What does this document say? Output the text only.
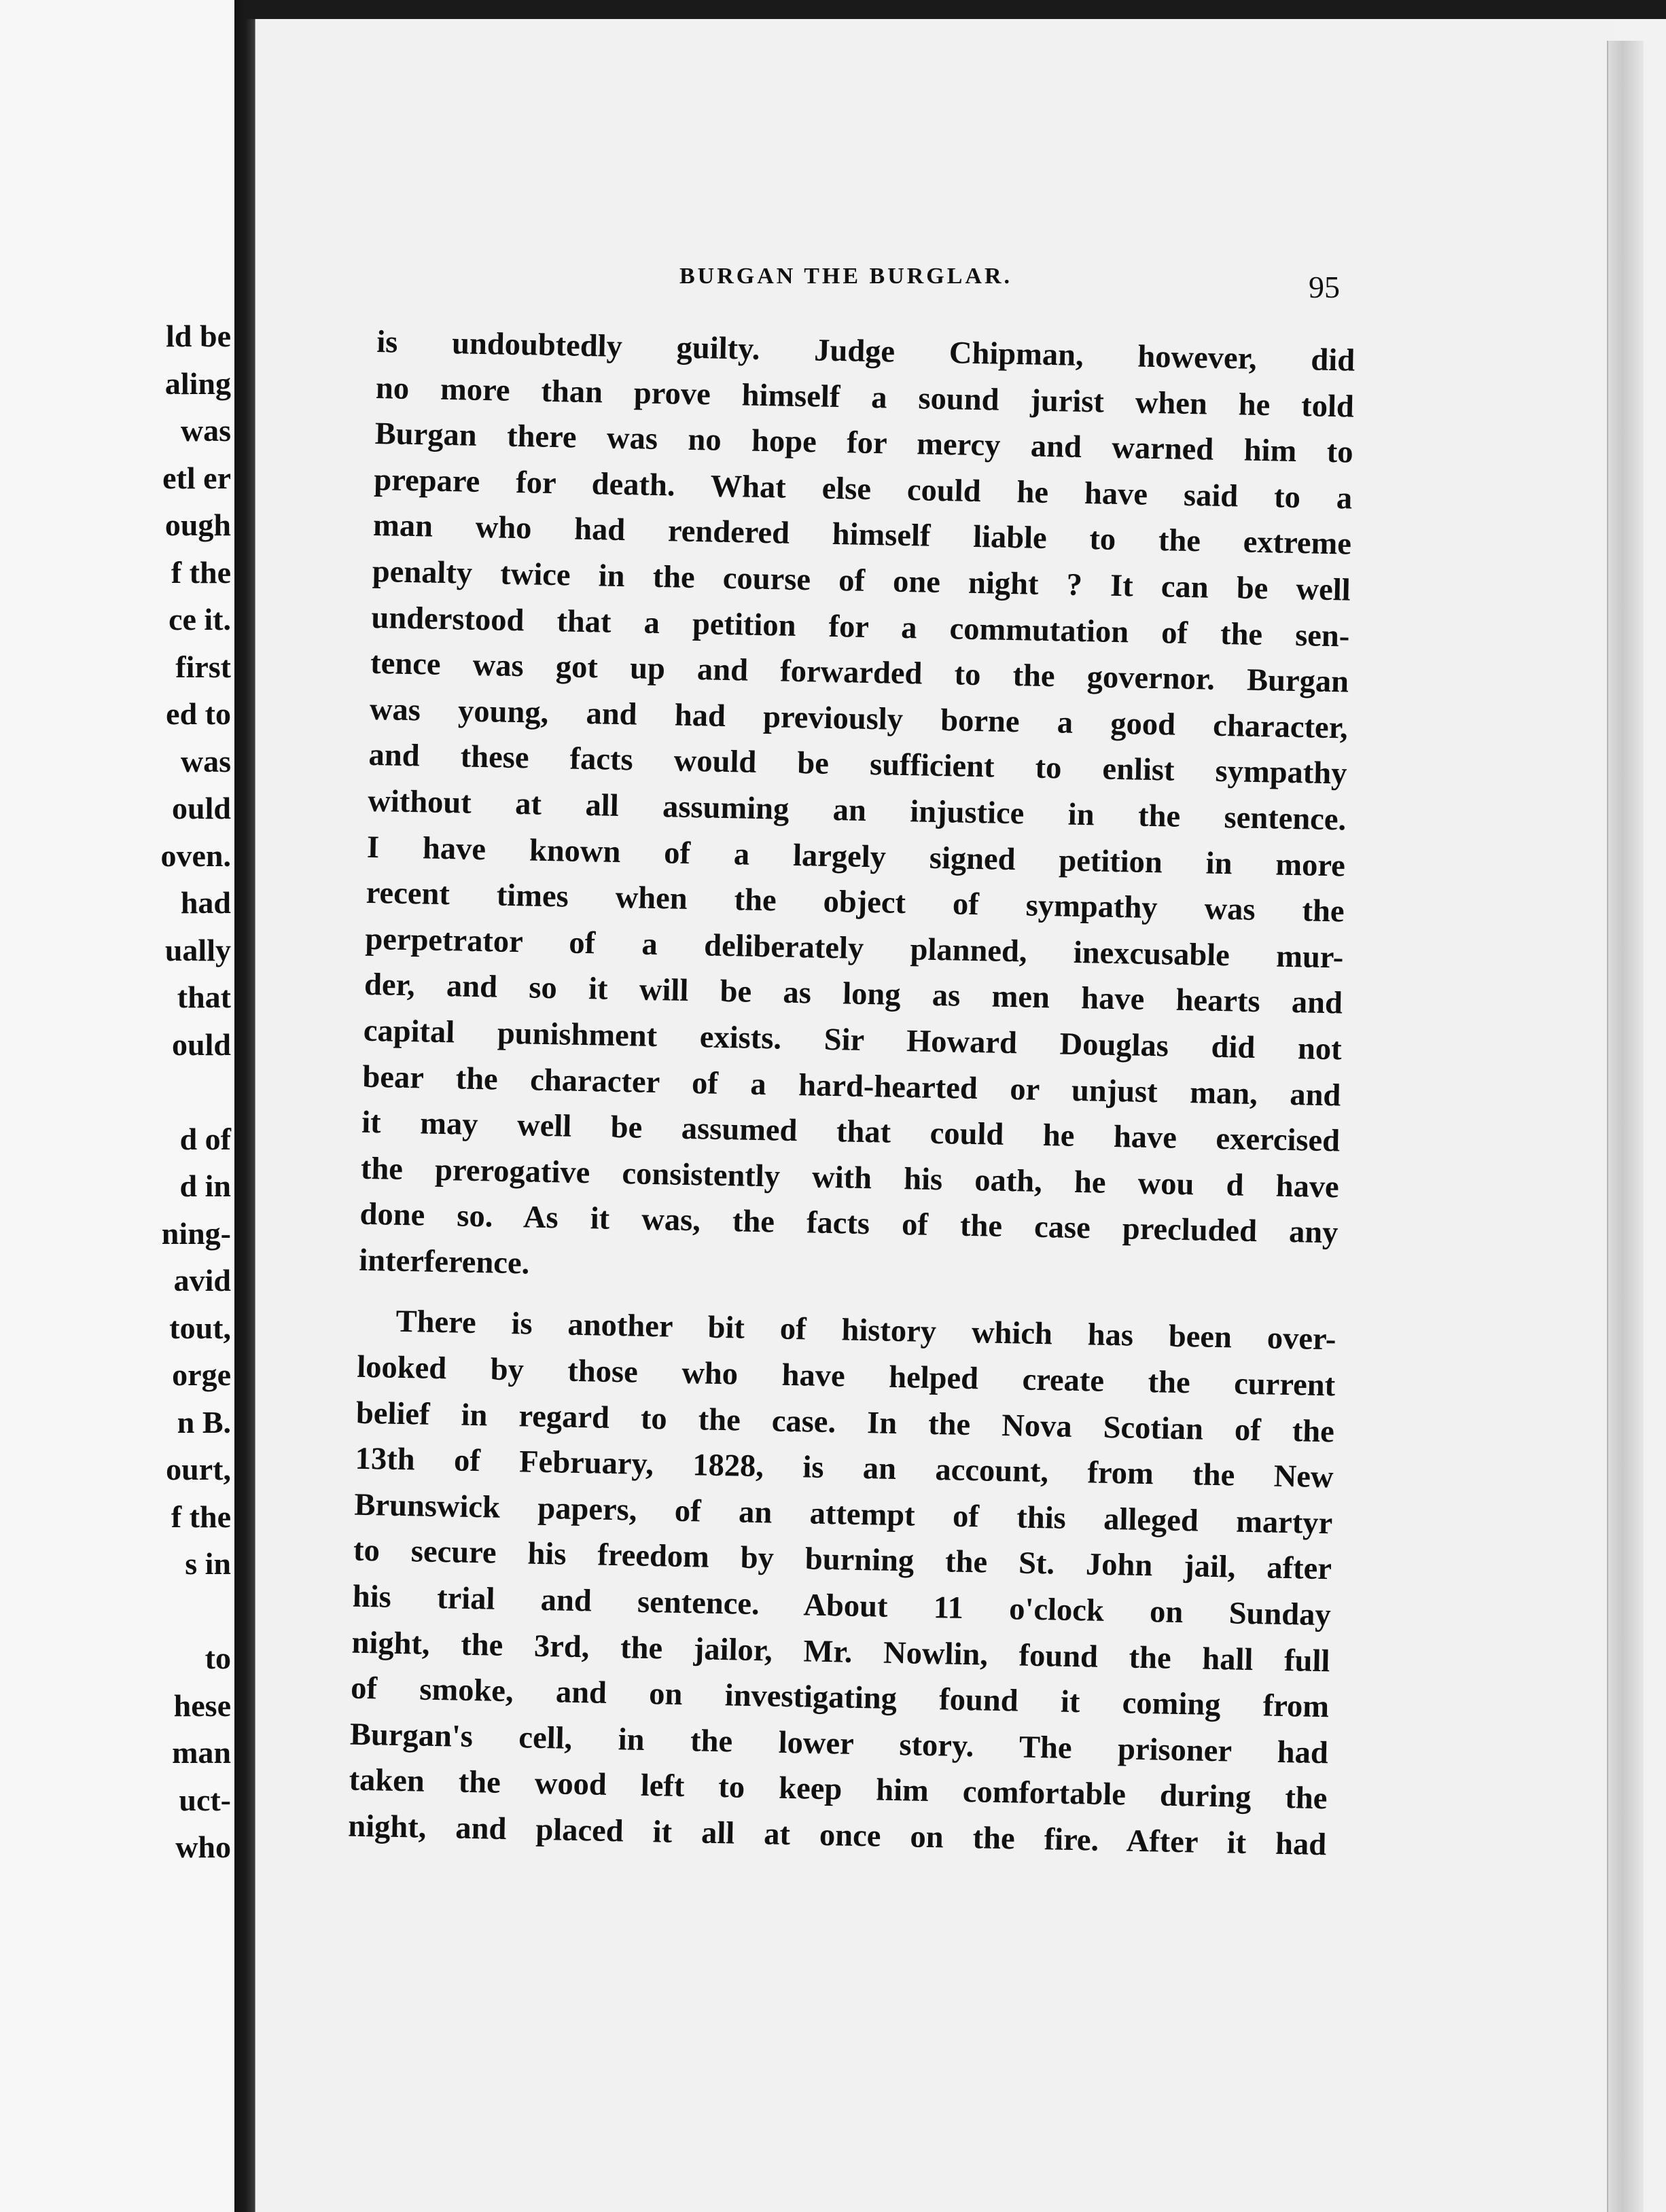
ld be
aling
was
etl er
ough
f the
ce it.
first
ed to
was
ould
oven.
had
ually
that
ould
d of
d in
ning-
avid
tout,
orge
n B.
ourt,
f the
s in
to
hese
man
uct-
who
BURGAN THE BURGLAR.	95
is undoubtedly guilty. Judge Chipman, however, did
no more than prove himself a sound jurist when he told
Burgan there was no hope for mercy and warned him to
prepare for death. What else could he have said to a
man who had rendered himself liable to the extreme
penalty twice in the course of one night ? It can be well
understood that a petition for a commutation of the sen-
tence was got up and forwarded to the governor. Burgan
was young, and had previously borne a good character,
and these facts would be sufficient to enlist sympathy
without at all assuming an injustice in the sentence.
I have known of a largely signed petition in more
recent times when the object of sympathy was the
perpetrator of a deliberately planned, inexcusable mur-
der, and so it will be as long as men have hearts and
capital punishment exists. Sir Howard Douglas did not
bear the character of a hard-hearted or unjust man, and
it may well be assumed that could he have exercised
the prerogative consistently with his oath, he wou d have
done so. As it was, the facts of the case precluded any
interference.
There is another bit of history which has been over-
looked by those who have helped create the current
belief in regard to the case. In the Nova Scotian of the
13th of February, 1828, is an account, from the New
Brunswick papers, of an attempt of this alleged martyr
to secure his freedom by burning the St. John jail, after
his trial and sentence. About 11 o'clock on Sunday
night, the 3rd, the jailor, Mr. Nowlin, found the hall full
of smoke, and on investigating found it coming from
Burgan's cell, in the lower story. The prisoner had
taken the wood left to keep him comfortable during the
night, and placed it all at once on the fire. After it had
